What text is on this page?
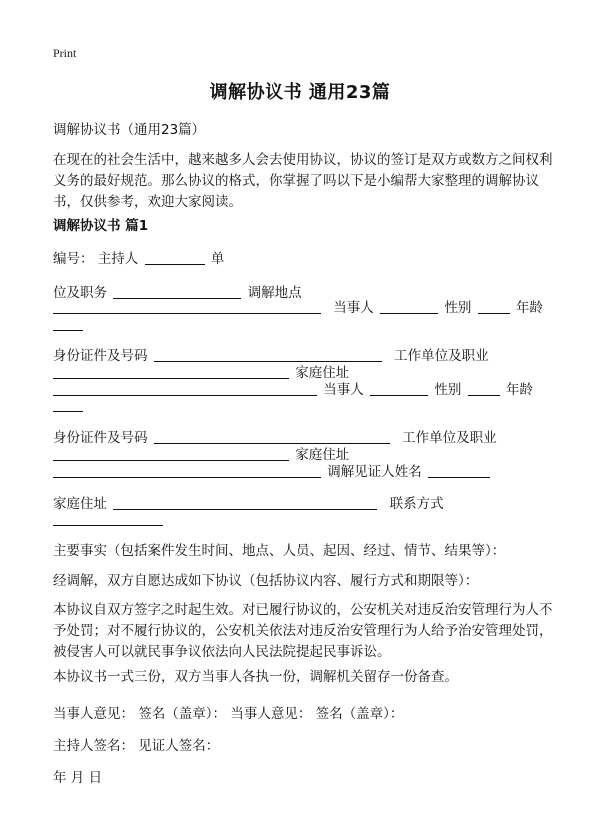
Print
调解协议书 通用23篇
调解协议书（通用23篇）
在现在的社会生活中，越来越多人会去使用协议，协议的签订是双方或数方之间权利义务的最好规范。那么协议的格式，你掌握了吗以下是小编帮大家整理的调解协议书，仅供参考，欢迎大家阅读。
调解协议书 篇1
编号： 主持人	单
位及职务	调解地点
当事人	性别	年龄
身份证件及号码	工作单位及职业
家庭住址
当事人	性别	年龄
身份证件及号码	工作单位及职业
家庭住址
调解见证人姓名
家庭住址	联系方式
主要事实（包括案件发生时间、地点、人员、起因、经过、情节、结果等）：
经调解，双方自愿达成如下协议（包括协议内容、履行方式和期限等）：
本协议自双方签字之时起生效。对已履行协议的，公安机关对违反治安管理行为人不予处罚；对不履行协议的，公安机关依法对违反治安管理行为人给予治安管理处罚，被侵害人可以就民事争议依法向人民法院提起民事诉讼。
本协议书一式三份，双方当事人各执一份，调解机关留存一份备查。
当事人意见： 签名（盖章）： 当事人意见： 签名（盖章）：
主持人签名： 见证人签名：
年 月 日
